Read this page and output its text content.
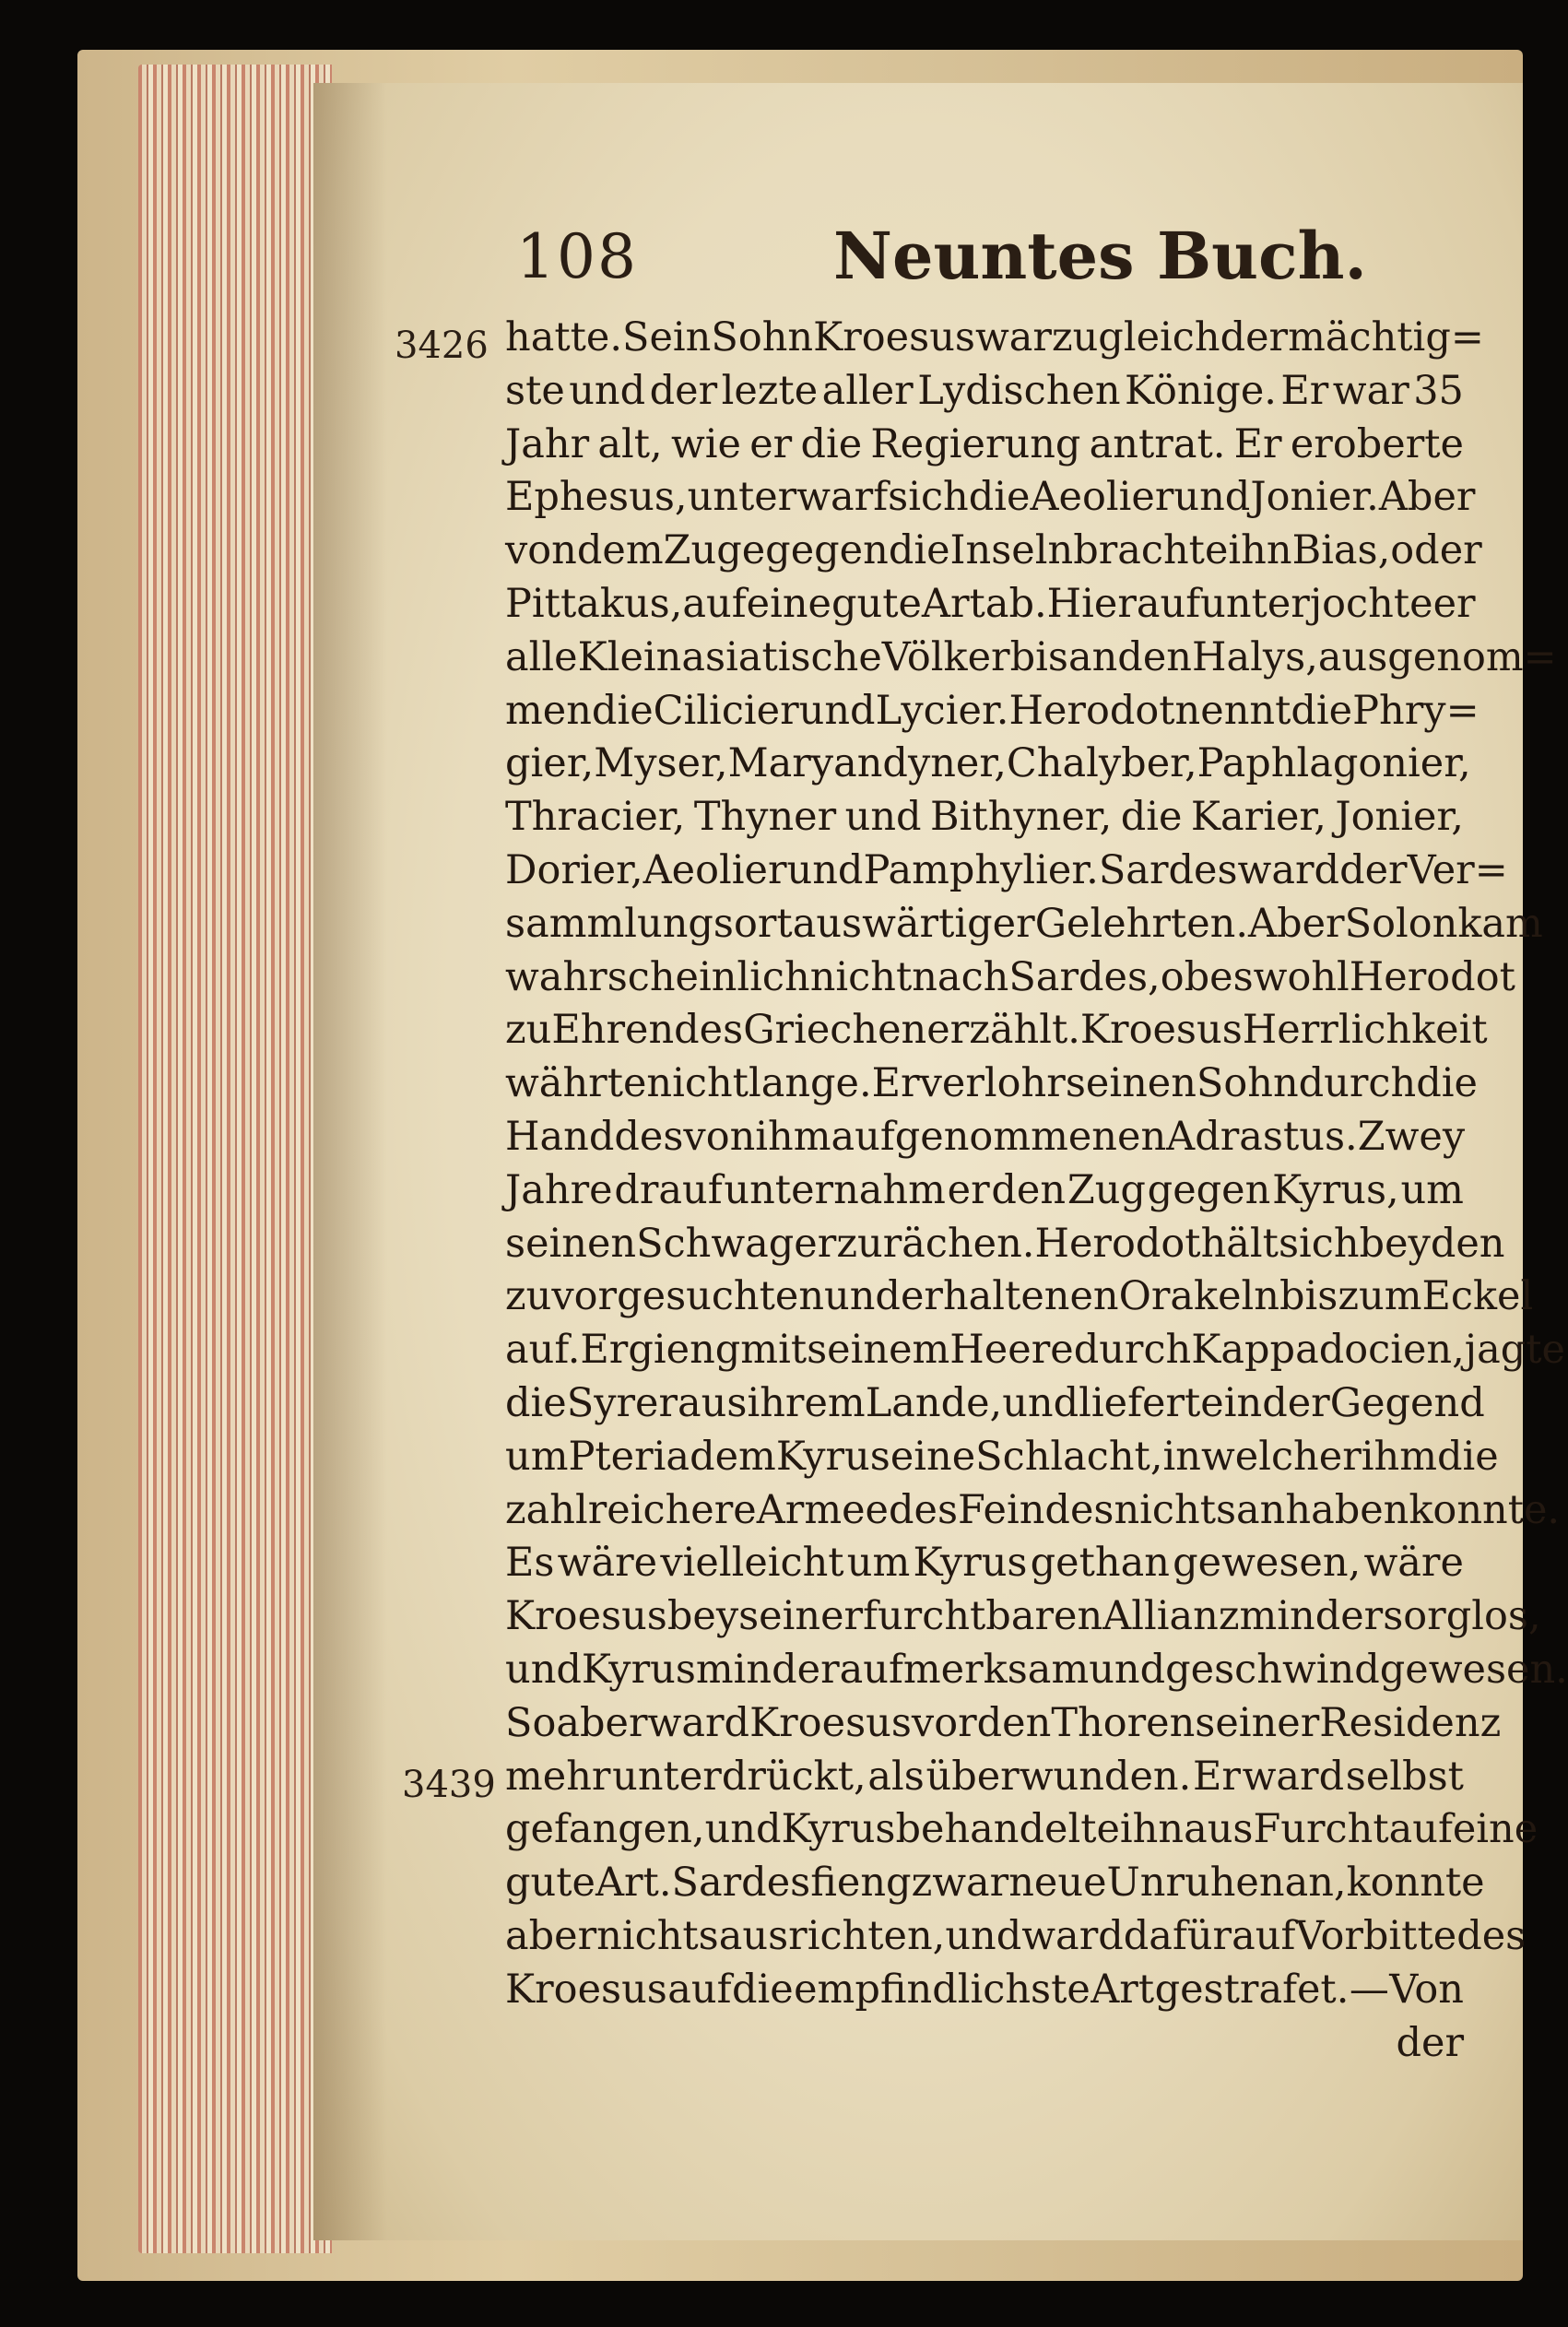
108	Neuntes Buch.
3426
3439
hatte. Sein Sohn Kroesus war zugleich der mächtig=
ste und der lezte aller Lydischen Könige. Er war 35
Jahr alt, wie er die Regierung antrat. Er eroberte
Ephesus, unterwarf sich die Aeolier und Jonier. Aber
von dem Zuge gegen die Inseln brachte ihn Bias, oder
Pittakus, auf eine gute Art ab. Hierauf unterjochte er
alle Kleinasiatische Völker bis an den Halys, ausgenom=
men die Cilicier und Lycier. Herodot nennt die Phry=
gier, Myser, Maryandyner, Chalyber, Paphlagonier,
Thracier, Thyner und Bithyner, die Karier, Jonier,
Dorier, Aeolier und Pamphylier. Sardes ward der Ver=
sammlungsort auswärtiger Gelehrten. Aber Solon kam
wahrscheinlich nicht nach Sardes, ob es wohl Herodot
zu Ehren des Griechen erzählt. Kroesus Herrlichkeit
währte nicht lange. Er verlohr seinen Sohn durch die
Hand des von ihm aufgenommenen Adrastus. Zwey
Jahre drauf unternahm er den Zug gegen Kyrus, um
seinen Schwager zu rächen. Herodot hält sich bey den
zuvor gesuchten und erhaltenen Orakeln bis zum Eckel
auf. Er gieng mit seinem Heere durch Kappadocien, jagte
die Syrer aus ihrem Lande, und lieferte in der Gegend
um Pteria dem Kyrus eine Schlacht, in welcher ihm die
zahlreichere Armee des Feindes nichts anhaben konnte.
Es wäre vielleicht um Kyrus gethan gewesen, wäre
Kroesus bey seiner furchtbaren Allianz minder sorglos,
und Kyrus minder aufmerksam und geschwind gewesen.
So aber ward Kroesus vor den Thoren seiner Residenz
mehr unterdrückt, als überwunden. Er ward selbst
gefangen, und Kyrus behandelte ihn aus Furcht auf eine
gute Art. Sardes fieng zwar neue Unruhen an, konnte
aber nichts ausrichten, und ward dafür auf Vorbitte des
Kroesus auf die empfindlichste Art gestrafet. — Von
der
